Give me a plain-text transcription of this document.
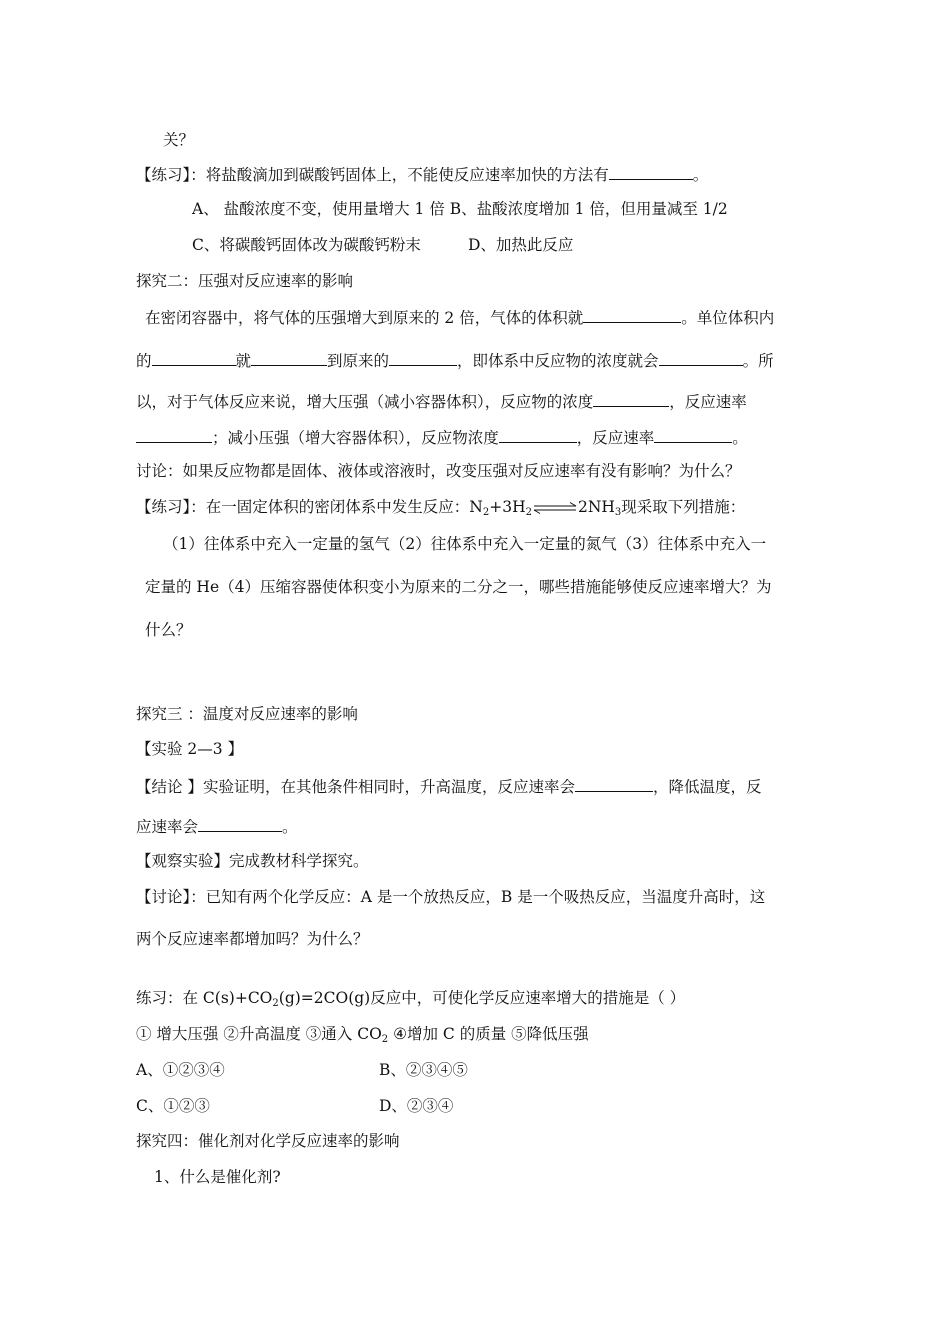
关？
【练习】：将盐酸滴加到碳酸钙固体上，不能使反应速率加快的方法有	。
A、 盐酸浓度不变，使用量增大 1 倍 B、盐酸浓度增加 1 倍，但用量减至 1/2
C、将碳酸钙固体改为碳酸钙粉末	D、加热此反应
探究二：压强对反应速率的影响
在密闭容器中，将气体的压强增大到原来的 2 倍，气体的体积就	。单位体积内
的	就	到原来的	，即体系中反应物的浓度就会	。所
以，对于气体反应来说，增大压强（减小容器体积），反应物的浓度	，反应速率
；减小压强（增大容器体积），反应物浓度	，反应速率	。
讨论：如果反应物都是固体、液体或溶液时，改变压强对反应速率有没有影响？为什么？
【练习】：在一固定体积的密闭体系中发生反应：$N_2+3H_2\rightleftharpoons 2NH_3$现采取下列措施：
（1）往体系中充入一定量的氢气（2）往体系中充入一定量的氮气（3）往体系中充入一
定量的 He（4）压缩容器使体积变小为原来的二分之一，哪些措施能够使反应速率增大？为
什么？
探究三 ：温度对反应速率的影响
【实验 2—3 】
【结论 】实验证明，在其他条件相同时，升高温度，反应速率会	，降低温度，反
应速率会	。
【观察实验】完成教材科学探究。
【讨论】：已知有两个化学反应：A 是一个放热反应，B 是一个吸热反应，当温度升高时，这
两个反应速率都增加吗？为什么？
练习：在 $C(s)+CO_2(g)=2CO(g)$反应中，可使化学反应速率增大的措施是（ ）
① 增大压强 ②升高温度 ③通入 $CO_2$ ④增加 C 的质量 ⑤降低压强
A、①②③④	B、②③④⑤
C、①②③	D、②③④
探究四：催化剂对化学反应速率的影响
1、什么是催化剂?
